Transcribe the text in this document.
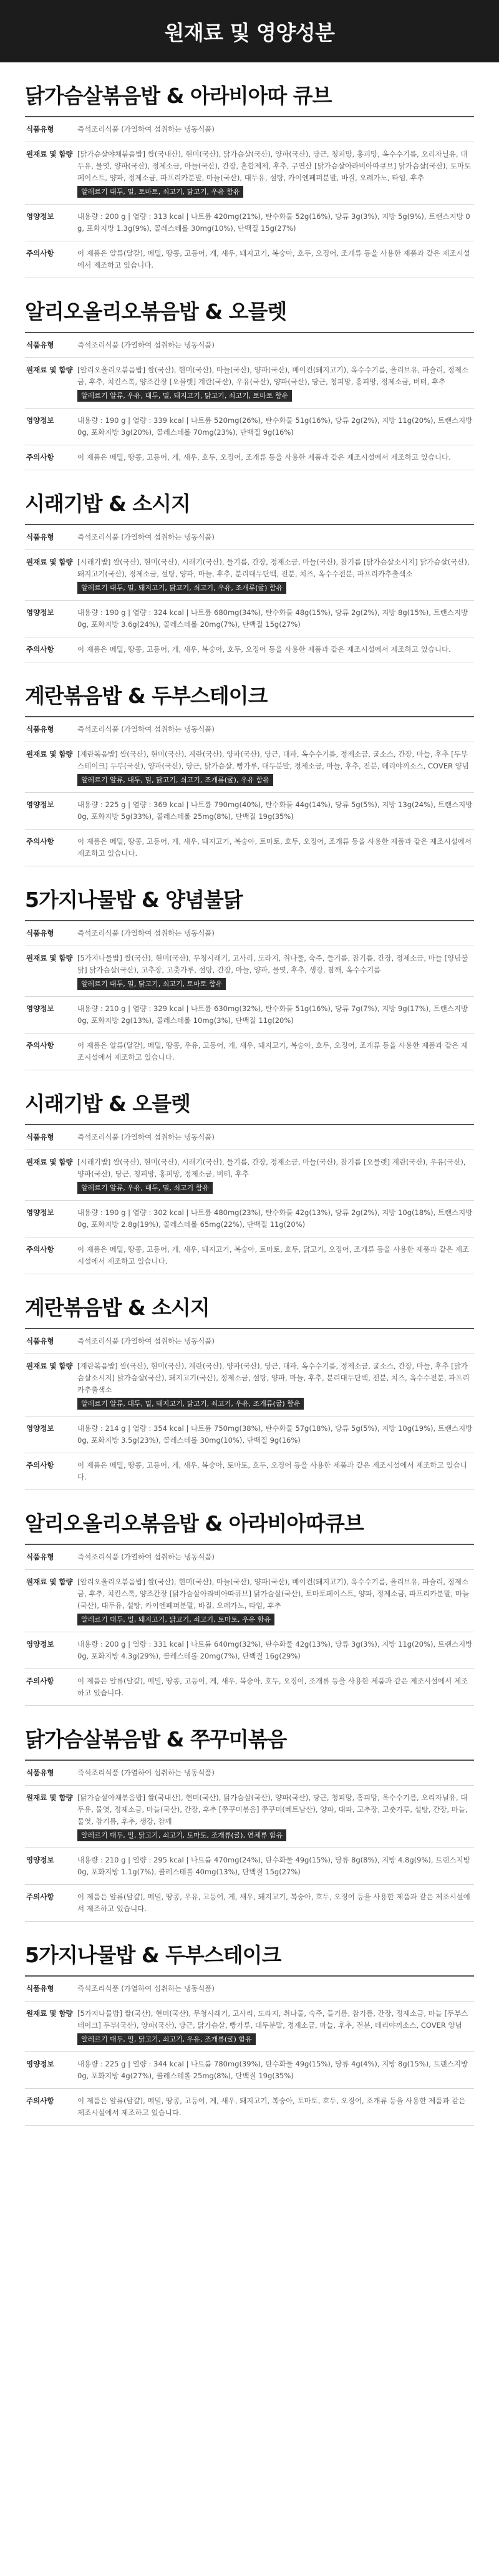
원재료 및 영양성분
닭가슴살볶음밥 & 아라비아따 큐브
식품유형	즉석조리식품 (가열하여 섭취하는 냉동식품)
원재료 및 함량 [닭가슴살야채볶음밥] 쌀(국내산), 현미(국산), 닭가슴살(국산), 양파(국산), 당근, 청피망, 홍피망, 옥수수기름, 오리자닐유, 대두유, 물엿, 양파(국산), 정제소금, 마늘(국산), 간장, 혼합제제, 후추, 구연산 [닭가슴살아라비아따큐브] 닭가슴살(국산), 토마토페이스트, 양파, 정제소금, 파프리카분말, 마늘(국산), 대두유, 설탕, 카이엔페퍼분말, 바질, 오레가노, 타임, 후추
알레르기 대두, 밀, 토마토, 쇠고기, 닭고기, 우유 함유
영양정보	내용량 : 200 g | 열량 : 313 kcal | 나트륨 420mg(21%), 탄수화물 52g(16%), 당류 3g(3%), 지방 5g(9%), 트랜스지방 0g, 포화지방 1.3g(9%), 콜레스테롤 30mg(10%), 단백질 15g(27%)
주의사항	이 제품은 알류(달걀), 메밀, 땅콩, 고등어, 게, 새우, 돼지고기, 복숭아, 호두, 오징어, 조개류 등을 사용한 제품과 같은 제조시설에서 제조하고 있습니다.
알리오올리오볶음밥 & 오믈렛
식품유형	즉석조리식품 (가열하여 섭취하는 냉동식품)
원재료 및 함량 [알리오올리오볶음밥] 쌀(국산), 현미(국산), 마늘(국산), 양파(국산), 베이컨(돼지고기), 옥수수기름, 올리브유, 파슬리, 정제소금, 후추, 치킨스톡, 양조간장 [오믈렛] 계란(국산), 우유(국산), 양파(국산), 당근, 청피망, 홍피망, 정제소금, 버터, 후추
알레르기 알류, 우유, 대두, 밀, 돼지고기, 닭고기, 쇠고기, 토마토 함유
영양정보	내용량 : 190 g | 열량 : 339 kcal | 나트륨 520mg(26%), 탄수화물 51g(16%), 당류 2g(2%), 지방 11g(20%), 트랜스지방 0g, 포화지방 3g(20%), 콜레스테롤 70mg(23%), 단백질 9g(16%)
주의사항	이 제품은 메밀, 땅콩, 고등어, 게, 새우, 호두, 오징어, 조개류 등을 사용한 제품과 같은 제조시설에서 제조하고 있습니다.
시래기밥 & 소시지
식품유형	즉석조리식품 (가열하여 섭취하는 냉동식품)
원재료 및 함량 [시래기밥] 쌀(국산), 현미(국산), 시래기(국산), 들기름, 간장, 정제소금, 마늘(국산), 참기름 [닭가슴살소시지] 닭가슴살(국산), 돼지고기(국산), 정제소금, 설탕, 양파, 마늘, 후추, 분리대두단백, 전분, 치즈, 옥수수전분, 파프리카추출색소
알레르기 대두, 밀, 돼지고기, 닭고기, 쇠고기, 우유, 조개류(굴) 함유
영양정보	내용량 : 190 g | 열량 : 324 kcal | 나트륨 680mg(34%), 탄수화물 48g(15%), 당류 2g(2%), 지방 8g(15%), 트랜스지방 0g, 포화지방 3.6g(24%), 콜레스테롤 20mg(7%), 단백질 15g(27%)
주의사항	이 제품은 메밀, 땅콩, 고등어, 게, 새우, 복숭아, 호두, 오징어 등을 사용한 제품과 같은 제조시설에서 제조하고 있습니다.
계란볶음밥 & 두부스테이크
식품유형	즉석조리식품 (가열하여 섭취하는 냉동식품)
원재료 및 함량 [계란볶음밥] 쌀(국산), 현미(국산), 계란(국산), 양파(국산), 당근, 대파, 옥수수기름, 정제소금, 굴소스, 간장, 마늘, 후추 [두부스테이크] 두부(국산), 양파(국산), 당근, 닭가슴살, 빵가루, 대두분말, 정제소금, 마늘, 후추, 전분, 데리야끼소스, COVER 양념
알레르기 알류, 대두, 밀, 닭고기, 쇠고기, 조개류(굴), 우유 함유
영양정보	내용량 : 225 g | 열량 : 369 kcal | 나트륨 790mg(40%), 탄수화물 44g(14%), 당류 5g(5%), 지방 13g(24%), 트랜스지방 0g, 포화지방 5g(33%), 콜레스테롤 25mg(8%), 단백질 19g(35%)
주의사항	이 제품은 메밀, 땅콩, 고등어, 게, 새우, 돼지고기, 복숭아, 토마토, 호두, 오징어, 조개류 등을 사용한 제품과 같은 제조시설에서 제조하고 있습니다.
5가지나물밥 & 양념불닭
식품유형	즉석조리식품 (가열하여 섭취하는 냉동식품)
원재료 및 함량 [5가지나물밥] 쌀(국산), 현미(국산), 무청시래기, 고사리, 도라지, 취나물, 숙주, 들기름, 참기름, 간장, 정제소금, 마늘 [양념불닭] 닭가슴살(국산), 고추장, 고춧가루, 설탕, 간장, 마늘, 양파, 물엿, 후추, 생강, 참깨, 옥수수기름
알레르기 대두, 밀, 닭고기, 쇠고기, 토마토 함유
영양정보	내용량 : 210 g | 열량 : 329 kcal | 나트륨 630mg(32%), 탄수화물 51g(16%), 당류 7g(7%), 지방 9g(17%), 트랜스지방 0g, 포화지방 2g(13%), 콜레스테롤 10mg(3%), 단백질 11g(20%)
주의사항	이 제품은 알류(달걀), 메밀, 땅콩, 우유, 고등어, 게, 새우, 돼지고기, 복숭아, 호두, 오징어, 조개류 등을 사용한 제품과 같은 제조시설에서 제조하고 있습니다.
시래기밥 & 오믈렛
식품유형	즉석조리식품 (가열하여 섭취하는 냉동식품)
원재료 및 함량 [시래기밥] 쌀(국산), 현미(국산), 시래기(국산), 들기름, 간장, 정제소금, 마늘(국산), 참기름 [오믈렛] 계란(국산), 우유(국산), 양파(국산), 당근, 청피망, 홍피망, 정제소금, 버터, 후추
알레르기 알류, 우유, 대두, 밀, 쇠고기 함유
영양정보	내용량 : 190 g | 열량 : 302 kcal | 나트륨 480mg(23%), 탄수화물 42g(13%), 당류 2g(2%), 지방 10g(18%), 트랜스지방 0g, 포화지방 2.8g(19%), 콜레스테롤 65mg(22%), 단백질 11g(20%)
주의사항	이 제품은 메밀, 땅콩, 고등어, 게, 새우, 돼지고기, 복숭아, 토마토, 호두, 닭고기, 오징어, 조개류 등을 사용한 제품과 같은 제조시설에서 제조하고 있습니다.
계란볶음밥 & 소시지
식품유형	즉석조리식품 (가열하여 섭취하는 냉동식품)
원재료 및 함량 [계란볶음밥] 쌀(국산), 현미(국산), 계란(국산), 양파(국산), 당근, 대파, 옥수수기름, 정제소금, 굴소스, 간장, 마늘, 후추 [닭가슴살소시지] 닭가슴살(국산), 돼지고기(국산), 정제소금, 설탕, 양파, 마늘, 후추, 분리대두단백, 전분, 치즈, 옥수수전분, 파프리카추출색소
알레르기 알류, 대두, 밀, 돼지고기, 닭고기, 쇠고기, 우유, 조개류(굴) 함유
영양정보	내용량 : 214 g | 열량 : 354 kcal | 나트륨 750mg(38%), 탄수화물 57g(18%), 당류 5g(5%), 지방 10g(19%), 트랜스지방 0g, 포화지방 3.5g(23%), 콜레스테롤 30mg(10%), 단백질 9g(16%)
주의사항	이 제품은 메밀, 땅콩, 고등어, 게, 새우, 복숭아, 토마토, 호두, 오징어 등을 사용한 제품과 같은 제조시설에서 제조하고 있습니다.
알리오올리오볶음밥 & 아라비아따큐브
식품유형	즉석조리식품 (가열하여 섭취하는 냉동식품)
원재료 및 함량 [알리오올리오볶음밥] 쌀(국산), 현미(국산), 마늘(국산), 양파(국산), 베이컨(돼지고기), 옥수수기름, 올리브유, 파슬리, 정제소금, 후추, 치킨스톡, 양조간장 [닭가슴살아라비아따큐브] 닭가슴살(국산), 토마토페이스트, 양파, 정제소금, 파프리카분말, 마늘(국산), 대두유, 설탕, 카이엔페퍼분말, 바질, 오레가노, 타임, 후추
알레르기 대두, 밀, 돼지고기, 닭고기, 쇠고기, 토마토, 우유 함유
영양정보	내용량 : 200 g | 열량 : 331 kcal | 나트륨 640mg(32%), 탄수화물 42g(13%), 당류 3g(3%), 지방 11g(20%), 트랜스지방 0g, 포화지방 4.3g(29%), 콜레스테롤 20mg(7%), 단백질 16g(29%)
주의사항	이 제품은 알류(달걀), 메밀, 땅콩, 고등어, 게, 새우, 복숭아, 호두, 오징어, 조개류 등을 사용한 제품과 같은 제조시설에서 제조하고 있습니다.
닭가슴살볶음밥 & 쭈꾸미볶음
식품유형	즉석조리식품 (가열하여 섭취하는 냉동식품)
원재료 및 함량 [닭가슴살야채볶음밥] 쌀(국내산), 현미(국산), 닭가슴살(국산), 양파(국산), 당근, 청피망, 홍피망, 옥수수기름, 오리자닐유, 대두유, 물엿, 정제소금, 마늘(국산), 간장, 후추 [쭈꾸미볶음] 쭈꾸미(베트남산), 양파, 대파, 고추장, 고춧가루, 설탕, 간장, 마늘, 물엿, 참기름, 후추, 생강, 참깨
알레르기 대두, 밀, 닭고기, 쇠고기, 토마토, 조개류(굴), 연체류 함유
영양정보	내용량 : 210 g | 열량 : 295 kcal | 나트륨 470mg(24%), 탄수화물 49g(15%), 당류 8g(8%), 지방 4.8g(9%), 트랜스지방 0g, 포화지방 1.1g(7%), 콜레스테롤 40mg(13%), 단백질 15g(27%)
주의사항	이 제품은 알류(달걀), 메밀, 땅콩, 우유, 고등어, 게, 새우, 돼지고기, 복숭아, 호두, 오징어 등을 사용한 제품과 같은 제조시설에서 제조하고 있습니다.
5가지나물밥 & 두부스테이크
식품유형	즉석조리식품 (가열하여 섭취하는 냉동식품)
원재료 및 함량 [5가지나물밥] 쌀(국산), 현미(국산), 무청시래기, 고사리, 도라지, 취나물, 숙주, 들기름, 참기름, 간장, 정제소금, 마늘 [두부스테이크] 두부(국산), 양파(국산), 당근, 닭가슴살, 빵가루, 대두분말, 정제소금, 마늘, 후추, 전분, 데리야끼소스, COVER 양념
알레르기 대두, 밀, 닭고기, 쇠고기, 우유, 조개류(굴) 함유
영양정보	내용량 : 225 g | 열량 : 344 kcal | 나트륨 780mg(39%), 탄수화물 49g(15%), 당류 4g(4%), 지방 8g(15%), 트랜스지방 0g, 포화지방 4g(27%), 콜레스테롤 25mg(8%), 단백질 19g(35%)
주의사항	이 제품은 알류(달걀), 메밀, 땅콩, 고등어, 게, 새우, 돼지고기, 복숭아, 토마토, 호두, 오징어, 조개류 등을 사용한 제품과 같은 제조시설에서 제조하고 있습니다.
